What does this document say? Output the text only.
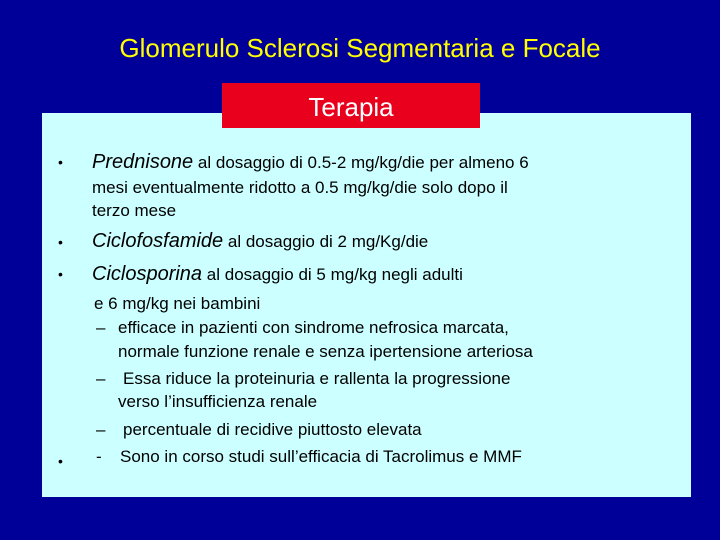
Glomerulo Sclerosi Segmentaria e Focale
Terapia
•
•
•
•
Prednisone al dosaggio di 0.5-2 mg/kg/die per almeno 6
mesi eventualmente ridotto a 0.5 mg/kg/die solo dopo il
terzo mese
Ciclofosfamide al dosaggio di 2 mg/Kg/die
Ciclosporina al dosaggio di 5 mg/kg negli adulti
e 6 mg/kg nei bambini
– efficace in pazienti con sindrome nefrosica marcata,
normale funzione renale e senza ipertensione arteriosa
– Essa riduce la proteinuria e rallenta la progressione
verso l’insufficienza renale
– percentuale di recidive piuttosto elevata
- Sono in corso studi sull’efficacia di Tacrolimus e MMF
